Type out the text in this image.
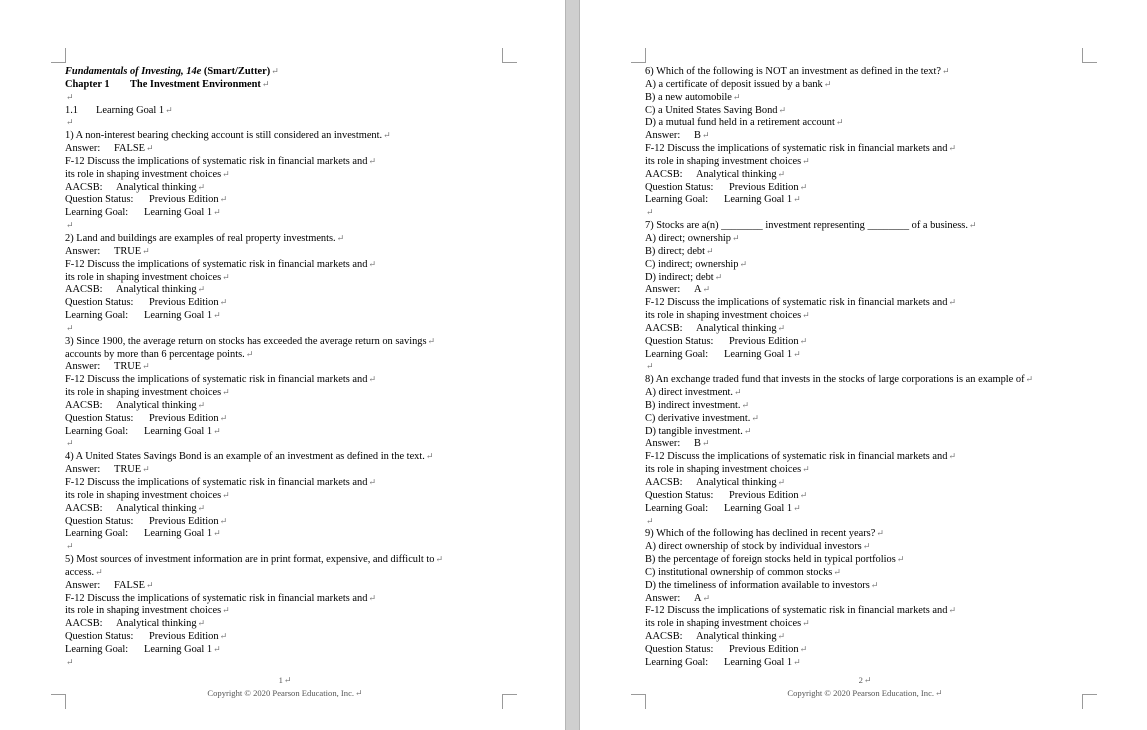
Fundamentals of Investing, 14e (Smart/Zutter)↵
Chapter 1 The Investment Environment↵
↵
1.1 Learning Goal 1↵
↵
1) A non-interest bearing checking account is still considered an investment.↵
Answer: FALSE↵
F-12 Discuss the implications of systematic risk in financial markets and↵
its role in shaping investment choices↵
AACSB: Analytical thinking↵
Question Status: Previous Edition↵
Learning Goal: Learning Goal 1↵
↵
2) Land and buildings are examples of real property investments.↵
Answer: TRUE↵
F-12 Discuss the implications of systematic risk in financial markets and↵
its role in shaping investment choices↵
AACSB: Analytical thinking↵
Question Status: Previous Edition↵
Learning Goal: Learning Goal 1↵
↵
3) Since 1900, the average return on stocks has exceeded the average return on savings↵
accounts by more than 6 percentage points.↵
Answer: TRUE↵
F-12 Discuss the implications of systematic risk in financial markets and↵
its role in shaping investment choices↵
AACSB: Analytical thinking↵
Question Status: Previous Edition↵
Learning Goal: Learning Goal 1↵
↵
4) A United States Savings Bond is an example of an investment as defined in the text.↵
Answer: TRUE↵
F-12 Discuss the implications of systematic risk in financial markets and↵
its role in shaping investment choices↵
AACSB: Analytical thinking↵
Question Status: Previous Edition↵
Learning Goal: Learning Goal 1↵
↵
5) Most sources of investment information are in print format, expensive, and difficult to↵
access.↵
Answer: FALSE↵
F-12 Discuss the implications of systematic risk in financial markets and↵
its role in shaping investment choices↵
AACSB: Analytical thinking↵
Question Status: Previous Edition↵
Learning Goal: Learning Goal 1↵
↵
1↵
Copyright © 2020 Pearson Education, Inc.↵
6) Which of the following is NOT an investment as defined in the text?↵
A) a certificate of deposit issued by a bank↵
B) a new automobile↵
C) a United States Saving Bond↵
D) a mutual fund held in a retirement account↵
Answer: B↵
F-12 Discuss the implications of systematic risk in financial markets and↵
its role in shaping investment choices↵
AACSB: Analytical thinking↵
Question Status: Previous Edition↵
Learning Goal: Learning Goal 1↵
↵
7) Stocks are a(n) ________ investment representing ________ of a business.↵
A) direct; ownership↵
B) direct; debt↵
C) indirect; ownership↵
D) indirect; debt↵
Answer: A↵
F-12 Discuss the implications of systematic risk in financial markets and↵
its role in shaping investment choices↵
AACSB: Analytical thinking↵
Question Status: Previous Edition↵
Learning Goal: Learning Goal 1↵
↵
8) An exchange traded fund that invests in the stocks of large corporations is an example of↵
A) direct investment.↵
B) indirect investment.↵
C) derivative investment.↵
D) tangible investment.↵
Answer: B↵
F-12 Discuss the implications of systematic risk in financial markets and↵
its role in shaping investment choices↵
AACSB: Analytical thinking↵
Question Status: Previous Edition↵
Learning Goal: Learning Goal 1↵
↵
9) Which of the following has declined in recent years?↵
A) direct ownership of stock by individual investors↵
B) the percentage of foreign stocks held in typical portfolios↵
C) institutional ownership of common stocks↵
D) the timeliness of information available to investors↵
Answer: A↵
F-12 Discuss the implications of systematic risk in financial markets and↵
its role in shaping investment choices↵
AACSB: Analytical thinking↵
Question Status: Previous Edition↵
Learning Goal: Learning Goal 1↵
2↵
Copyright © 2020 Pearson Education, Inc.↵
